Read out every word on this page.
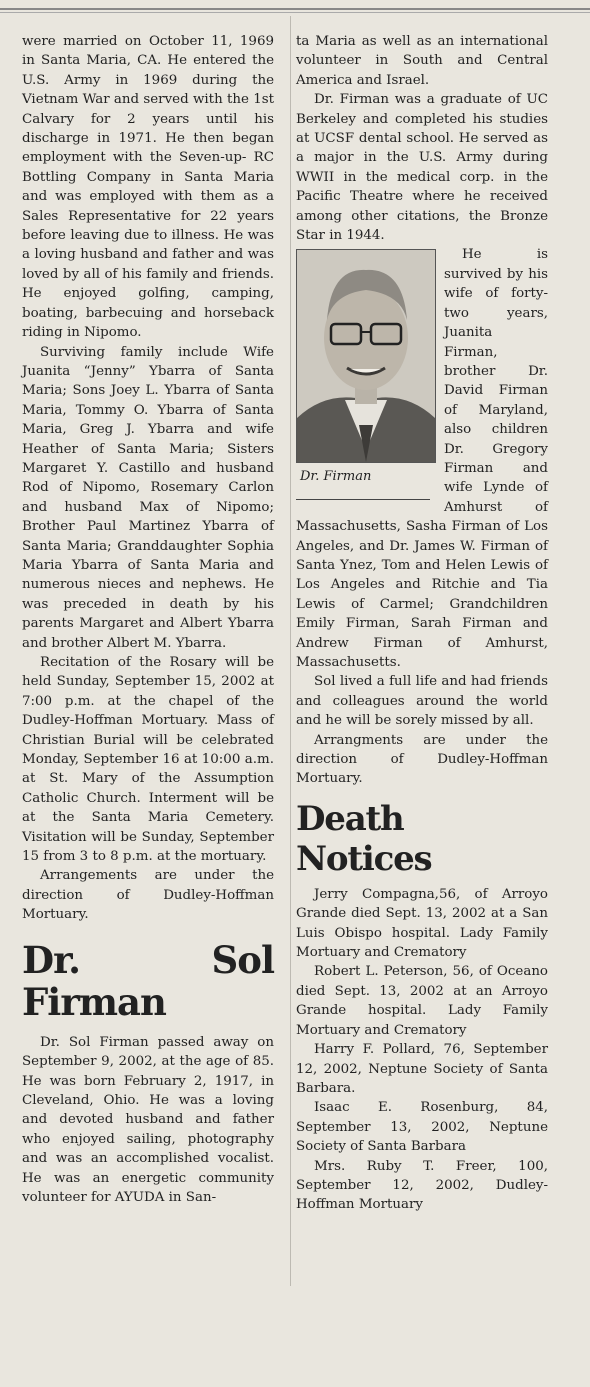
were married on October 11, 1969 in Santa Maria, CA. He entered the U.S. Army in 1969 during the Vietnam War and served with the 1st Calvary for 2 years until his discharge in 1971. He then began employment with the Seven-up- RC Bottling Company in Santa Maria and was employed with them as a Sales Representative for 22 years before leaving due to illness. He was a loving husband and father and was loved by all of his family and friends. He enjoyed golfing, camping, boating, barbecuing and horseback riding in Nipomo.

Surviving family include Wife Juanita “Jenny” Ybarra of Santa Maria; Sons Joey L. Ybarra of Santa Maria, Tommy O. Ybarra of Santa Maria, Greg J. Ybarra and wife Heather of Santa Maria; Sisters Margaret Y. Castillo and husband Rod of Nipomo, Rosemary Carlon and husband Max of Nipomo; Brother Paul Martinez Ybarra of Santa Maria; Granddaughter Sophia Maria Ybarra of Santa Maria and numerous nieces and nephews. He was preceded in death by his parents Margaret and Albert Ybarra and brother Albert M. Ybarra.

Recitation of the Rosary will be held Sunday, September 15, 2002 at 7:00 p.m. at the chapel of the Dudley-Hoffman Mortuary. Mass of Christian Burial will be celebrated Monday, September 16 at 10:00 a.m. at St. Mary of the Assumption Catholic Church. Interment will be at the Santa Maria Cemetery. Visitation will be Sunday, September 15 from 3 to 8 p.m. at the mortuary.

Arrangements are under the direction of Dudley-Hoffman Mortuary.

Dr. Sol Firman

Dr. Sol Firman passed away on September 9, 2002, at the age of 85. He was born February 2, 1917, in Cleveland, Ohio. He was a loving and devoted husband and father who enjoyed sailing, photography and was an accomplished vocalist. He was an energetic community volunteer for AYUDA in San-

ta Maria as well as an international volunteer in South and Central America and Israel.

Dr. Firman was a graduate of UC Berkeley and completed his studies at UCSF dental school. He served as a major in the U.S. Army during WWII in the medical corp. in the Pacific Theatre where he received among other citations, the Bronze Star in 1944.

Dr. Firman

He is survived by his wife of forty-two years, Juanita Firman, brother Dr. David Firman of Maryland, also children Dr. Gregory Firman and wife Lynde of Amhurst of Massachusetts, Sasha Firman of Los Angeles, and Dr. James W. Firman of Santa Ynez, Tom and Helen Lewis of Los Angeles and Ritchie and Tia Lewis of Carmel; Grandchildren Emily Firman, Sarah Firman and Andrew Firman of Amhurst, Massachusetts.

Sol lived a full life and had friends and colleagues around the world and he will be sorely missed by all.

Arrangments are under the direction of Dudley-Hoffman Mortuary.

Death Notices

Jerry Compagna,56, of Arroyo Grande died Sept. 13, 2002 at a San Luis Obispo hospital. Lady Family Mortuary and Crematory

Robert L. Peterson, 56, of Oceano died Sept. 13, 2002 at an Arroyo Grande hospital. Lady Family Mortuary and Crematory

Harry F. Pollard, 76, September 12, 2002, Neptune Society of Santa Barbara.

Isaac E. Rosenburg, 84, September 13, 2002, Neptune Society of Santa Barbara

Mrs. Ruby T. Freer, 100, September 12, 2002, Dudley-Hoffman Mortuary
